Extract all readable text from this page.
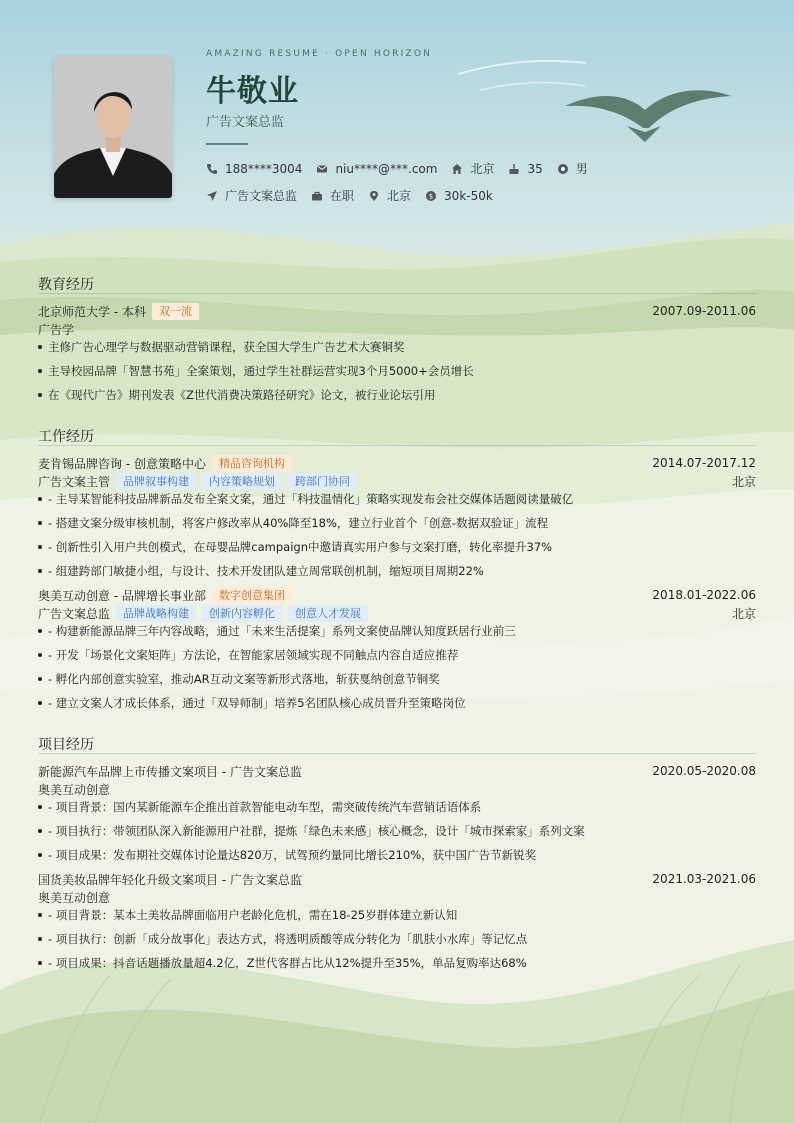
AMAZING RESUME · OPEN HORIZON
牛敬业
广告文案总监
188****3004	niu****@***.com	北京	35	男
广告文案总监	在职	北京	$ 30k-50k
教育经历
北京师范大学 - 本科	双一流	2007.09-2011.06
广告学
主修广告心理学与数据驱动营销课程，获全国大学生广告艺术大赛铜奖
主导校园品牌「智慧书苑」全案策划，通过学生社群运营实现3个月5000+会员增长
在《现代广告》期刊发表《Z世代消费决策路径研究》论文，被行业论坛引用
工作经历
麦肯锡品牌咨询 - 创意策略中心	精品咨询机构	2014.07-2017.12
广告文案主管	品牌叙事构建	内容策略规划	跨部门协同	北京
- 主导某智能科技品牌新品发布全案文案，通过「科技温情化」策略实现发布会社交媒体话题阅读量破亿
- 搭建文案分级审核机制，将客户修改率从40%降至18%，建立行业首个「创意-数据双验证」流程
- 创新性引入用户共创模式，在母婴品牌campaign中邀请真实用户参与文案打磨，转化率提升37%
- 组建跨部门敏捷小组，与设计、技术开发团队建立周常联创机制，缩短项目周期22%
奥美互动创意 - 品牌增长事业部	数字创意集团	2018.01-2022.06
广告文案总监	品牌战略构建	创新内容孵化	创意人才发展	北京
- 构建新能源品牌三年内容战略，通过「未来生活提案」系列文案使品牌认知度跃居行业前三
- 开发「场景化文案矩阵」方法论，在智能家居领域实现不同触点内容自适应推荐
- 孵化内部创意实验室，推动AR互动文案等新形式落地，斩获戛纳创意节铜奖
- 建立文案人才成长体系，通过「双导师制」培养5名团队核心成员晋升至策略岗位
项目经历
新能源汽车品牌上市传播文案项目 - 广告文案总监	2020.05-2020.08
奥美互动创意
- 项目背景：国内某新能源车企推出首款智能电动车型，需突破传统汽车营销话语体系
- 项目执行：带领团队深入新能源用户社群，提炼「绿色未来感」核心概念，设计「城市探索家」系列文案
- 项目成果：发布期社交媒体讨论量达820万，试驾预约量同比增长210%，获中国广告节新锐奖
国货美妆品牌年轻化升级文案项目 - 广告文案总监	2021.03-2021.06
奥美互动创意
- 项目背景：某本土美妆品牌面临用户老龄化危机，需在18-25岁群体建立新认知
- 项目执行：创新「成分故事化」表达方式，将透明质酸等成分转化为「肌肤小水库」等记忆点
- 项目成果：抖音话题播放量超4.2亿，Z世代客群占比从12%提升至35%，单品复购率达68%
